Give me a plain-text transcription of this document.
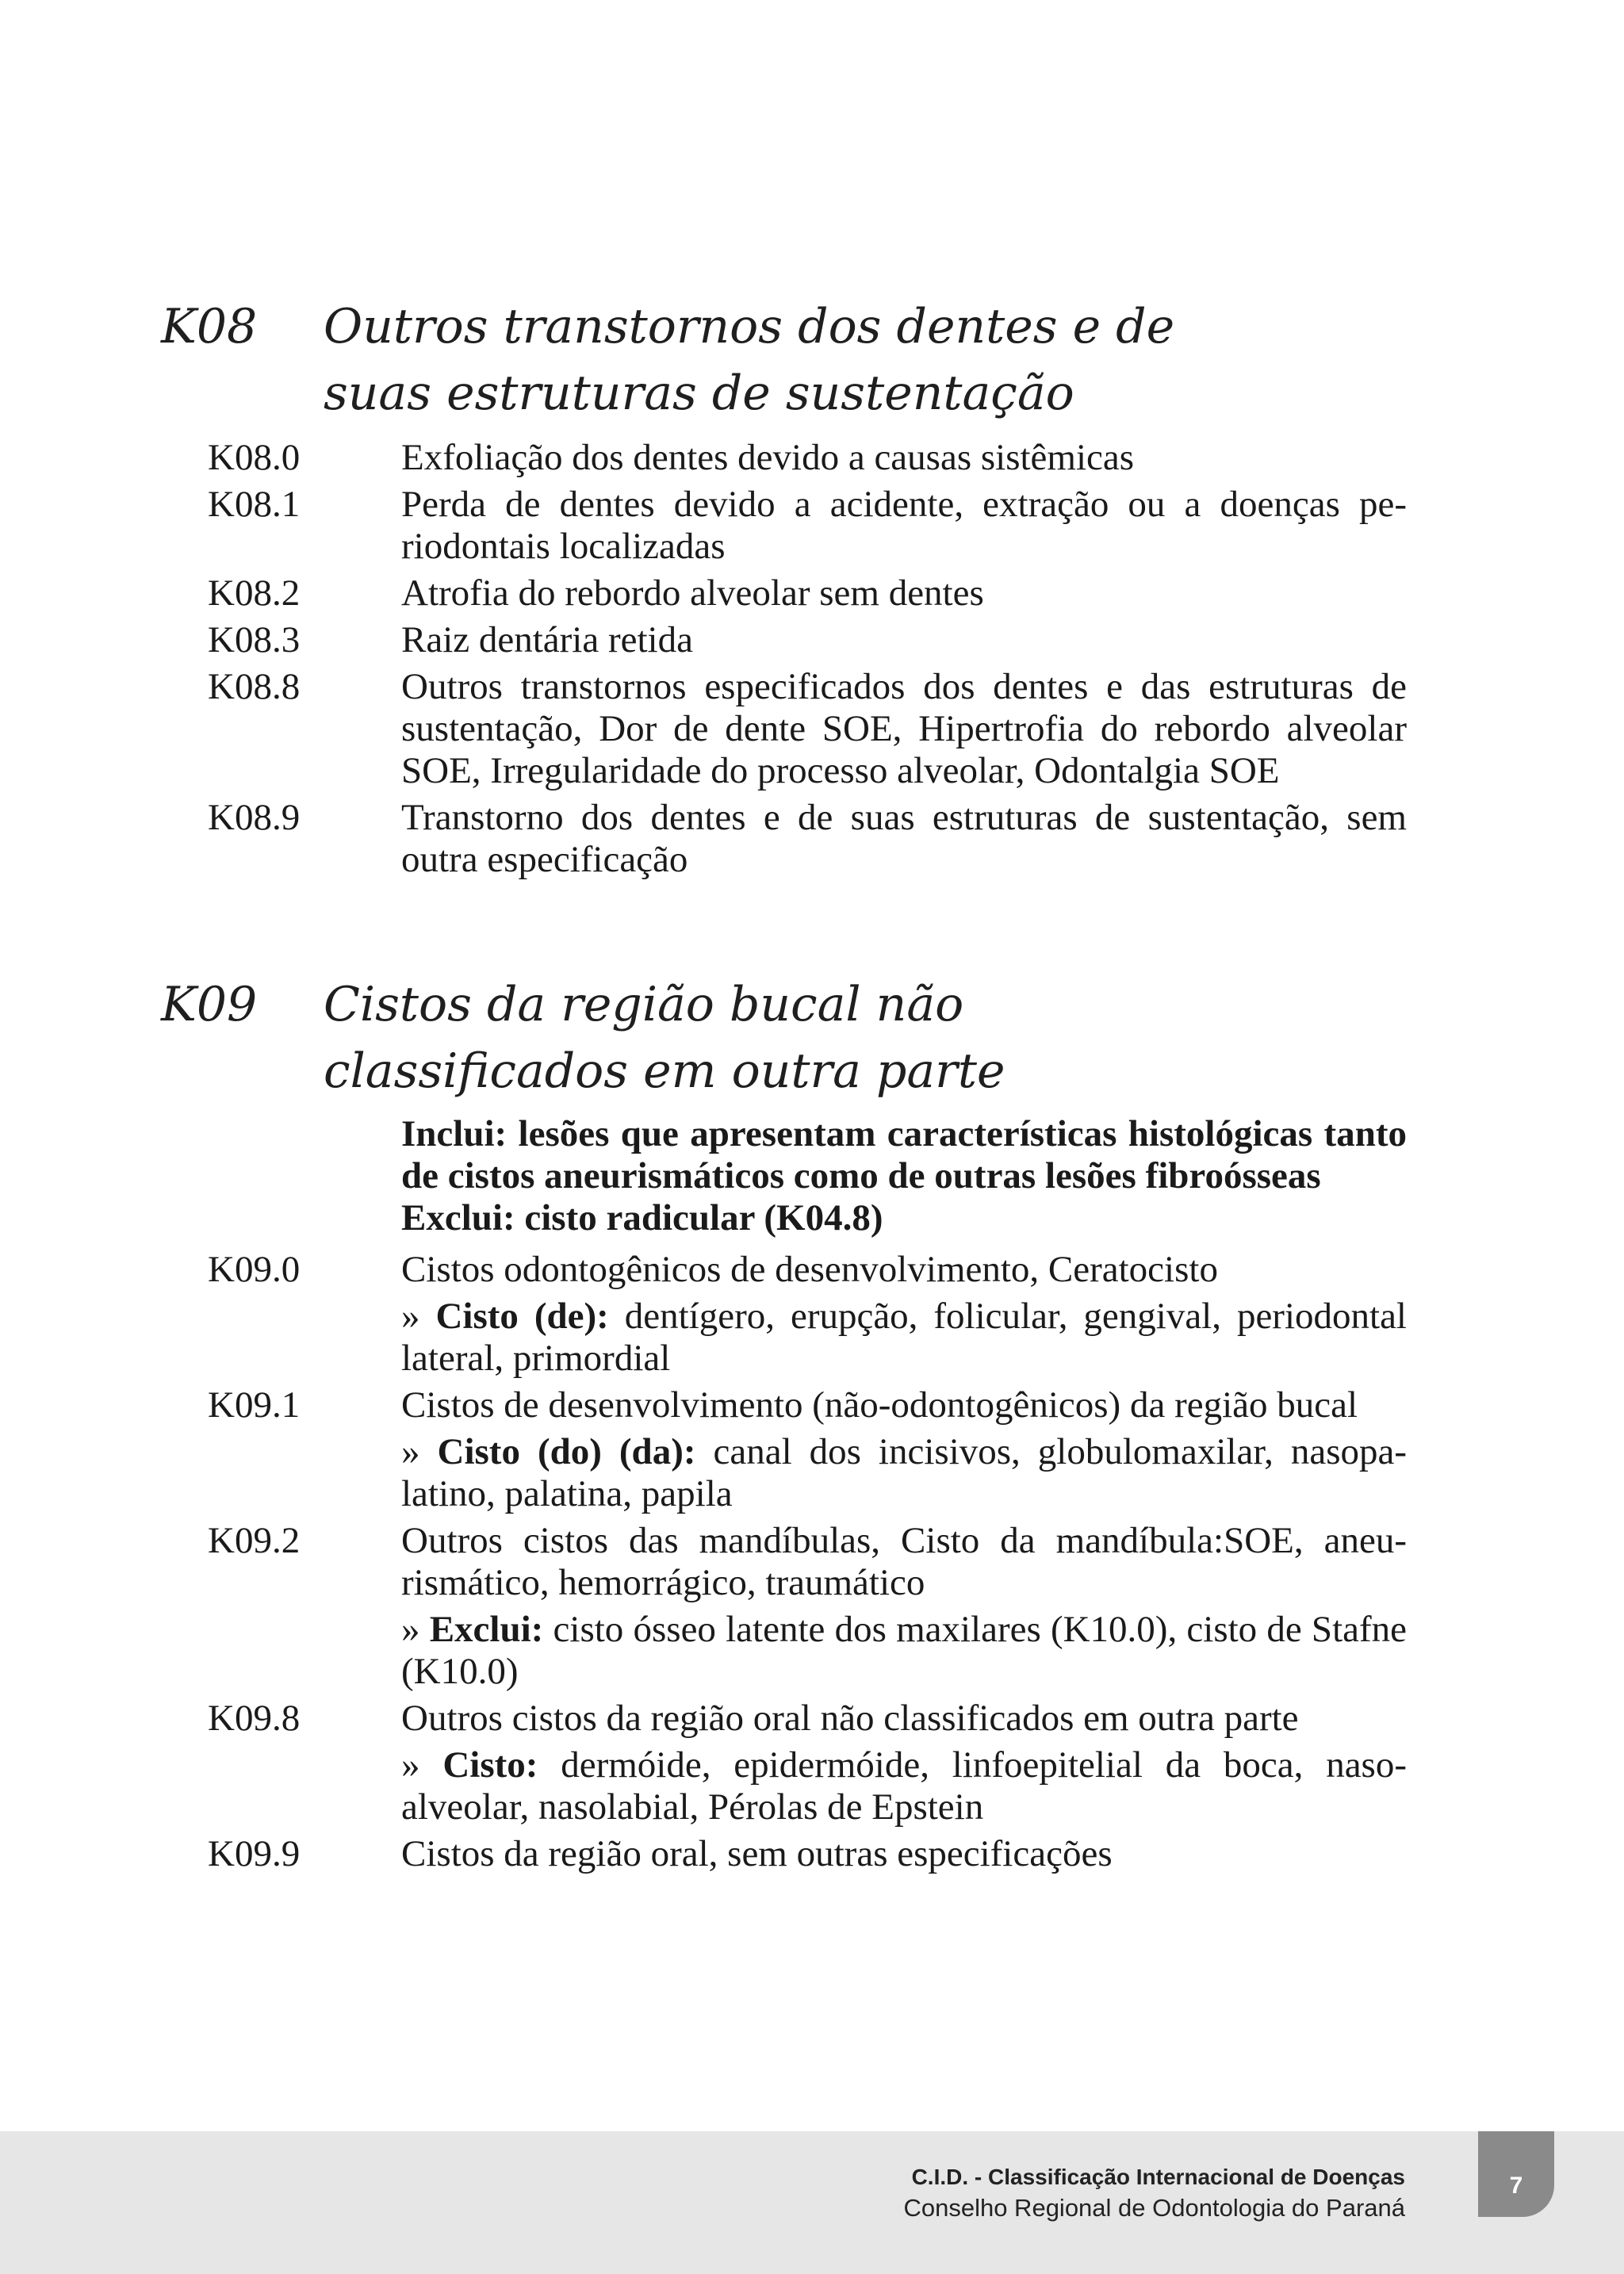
K08 Outros transtornos dos dentes e de
suas estruturas de sustentação
K08.0	Exfoliação dos dentes devido a causas sistêmicas
K08.1	Perda de dentes devido a acidente, extração ou a doenças periodontais localizadas
K08.2	Atrofia do rebordo alveolar sem dentes
K08.3	Raiz dentária retida
K08.8	Outros transtornos especificados dos dentes e das estruturas de sustentação, Dor de dente SOE, Hipertrofia do rebordo alveolar SOE, Irregularidade do processo alveolar, Odontalgia SOE
K08.9	Transtorno dos dentes e de suas estruturas de sustentação, sem outra especificação
K09 Cistos da região bucal não
classificados em outra parte
Inclui: lesões que apresentam características histológicas tanto de cistos aneurismáticos como de outras lesões fibroósseas
Exclui: cisto radicular (K04.8)
K09.0	Cistos odontogênicos de desenvolvimento, Ceratocisto
» Cisto (de): dentígero, erupção, folicular, gengival, periodontal lateral, primordial
K09.1	Cistos de desenvolvimento (não-odontogênicos) da região bucal
» Cisto (do) (da): canal dos incisivos, globulomaxilar, nasopalatino, palatina, papila
K09.2	Outros cistos das mandíbulas, Cisto da mandíbula:SOE, aneurismático, hemorrágico, traumático
» Exclui: cisto ósseo latente dos maxilares (K10.0), cisto de Stafne (K10.0)
K09.8	Outros cistos da região oral não classificados em outra parte
» Cisto: dermóide, epidermóide, linfoepitelial da boca, nasoalveolar, nasolabial, Pérolas de Epstein
K09.9	Cistos da região oral, sem outras especificações
C.I.D. - Classificação Internacional de Doenças
Conselho Regional de Odontologia do Paraná
7
